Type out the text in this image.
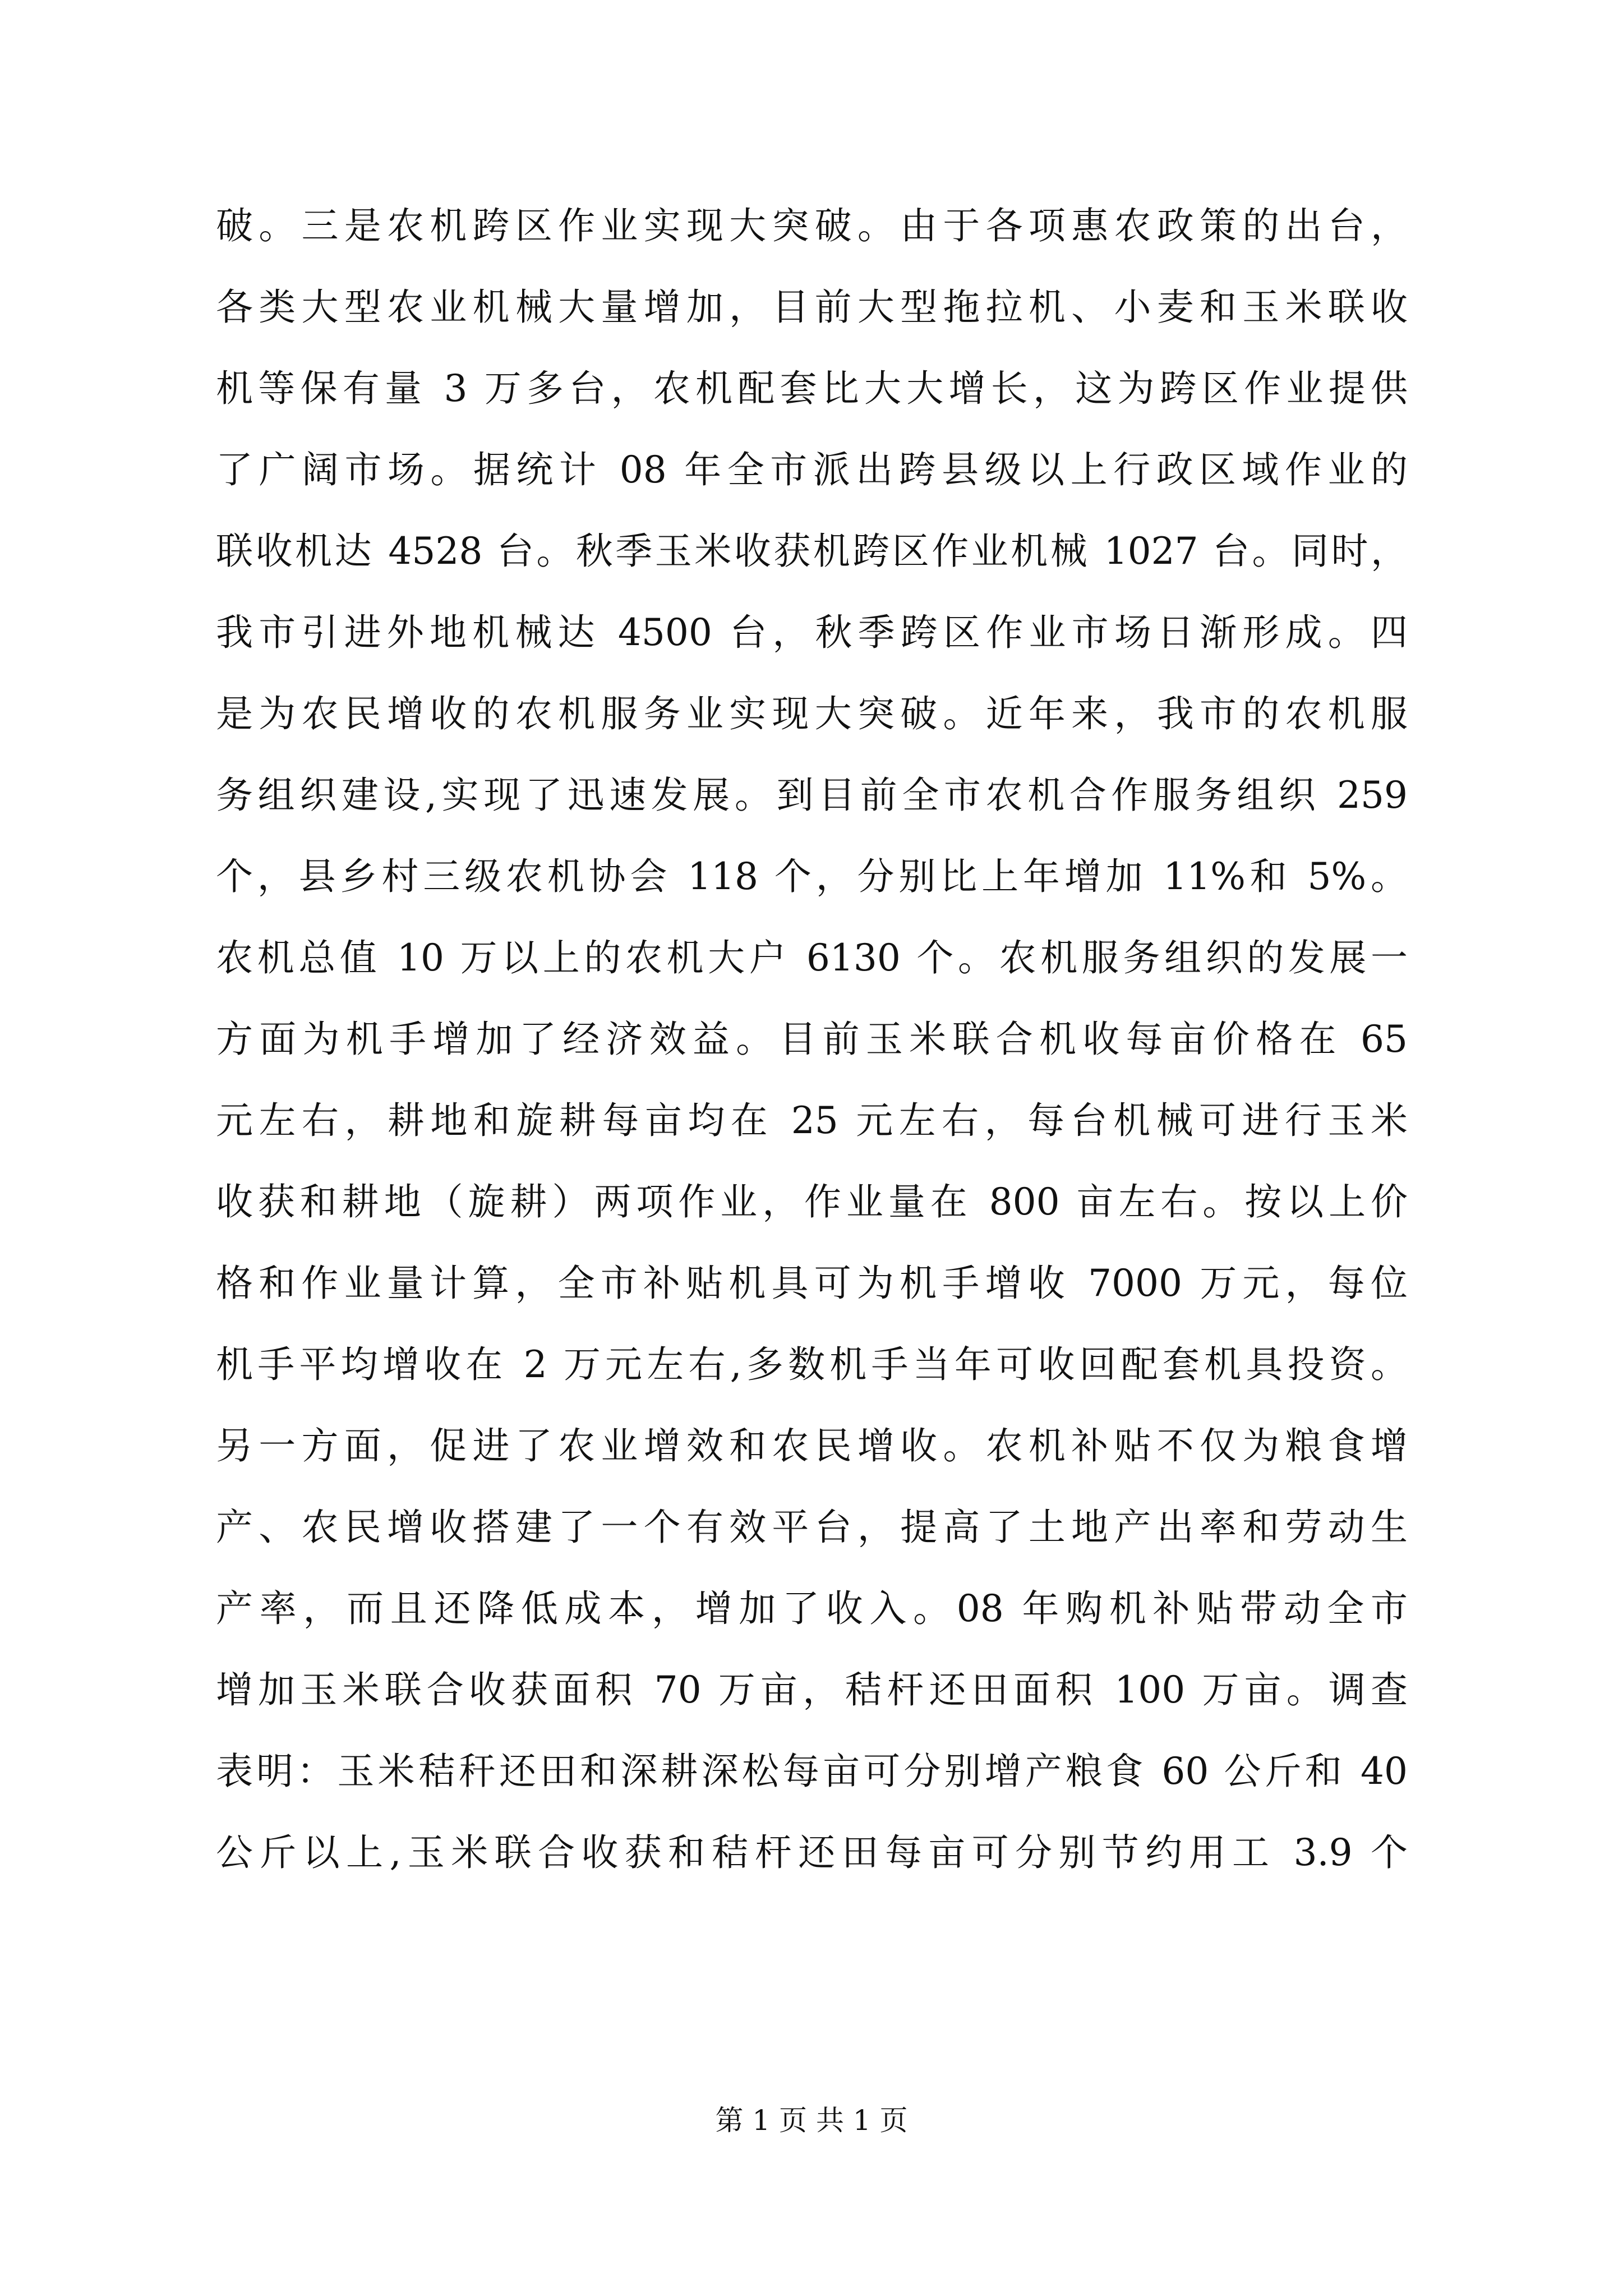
破。三是农机跨区作业实现大突破。由于各项惠农政策的出台，
各类大型农业机械大量增加，目前大型拖拉机、小麦和玉米联收
机等保有量 3 万多台，农机配套比大大增长，这为跨区作业提供
了广阔市场。据统计 08 年全市派出跨县级以上行政区域作业的
联收机达 4528 台。秋季玉米收获机跨区作业机械 1027 台。同时，
我市引进外地机械达 4500 台，秋季跨区作业市场日渐形成。四
是为农民增收的农机服务业实现大突破。近年来，我市的农机服
务组织建设,实现了迅速发展。到目前全市农机合作服务组织 259
个，县乡村三级农机协会 118 个，分别比上年增加 11%和 5%。
农机总值 10 万以上的农机大户 6130 个。农机服务组织的发展一
方面为机手增加了经济效益。目前玉米联合机收每亩价格在 65
元左右，耕地和旋耕每亩均在 25 元左右，每台机械可进行玉米
收获和耕地（旋耕）两项作业，作业量在 800 亩左右。按以上价
格和作业量计算，全市补贴机具可为机手增收 7000 万元，每位
机手平均增收在 2 万元左右,多数机手当年可收回配套机具投资。
另一方面，促进了农业增效和农民增收。农机补贴不仅为粮食增
产、农民增收搭建了一个有效平台，提高了土地产出率和劳动生
产率，而且还降低成本，增加了收入。08 年购机补贴带动全市
增加玉米联合收获面积 70 万亩，秸杆还田面积 100 万亩。调查
表明：玉米秸秆还田和深耕深松每亩可分别增产粮食 60 公斤和 40
公斤以上,玉米联合收获和秸杆还田每亩可分别节约用工 3.9 个
第 1 页 共 1 页
